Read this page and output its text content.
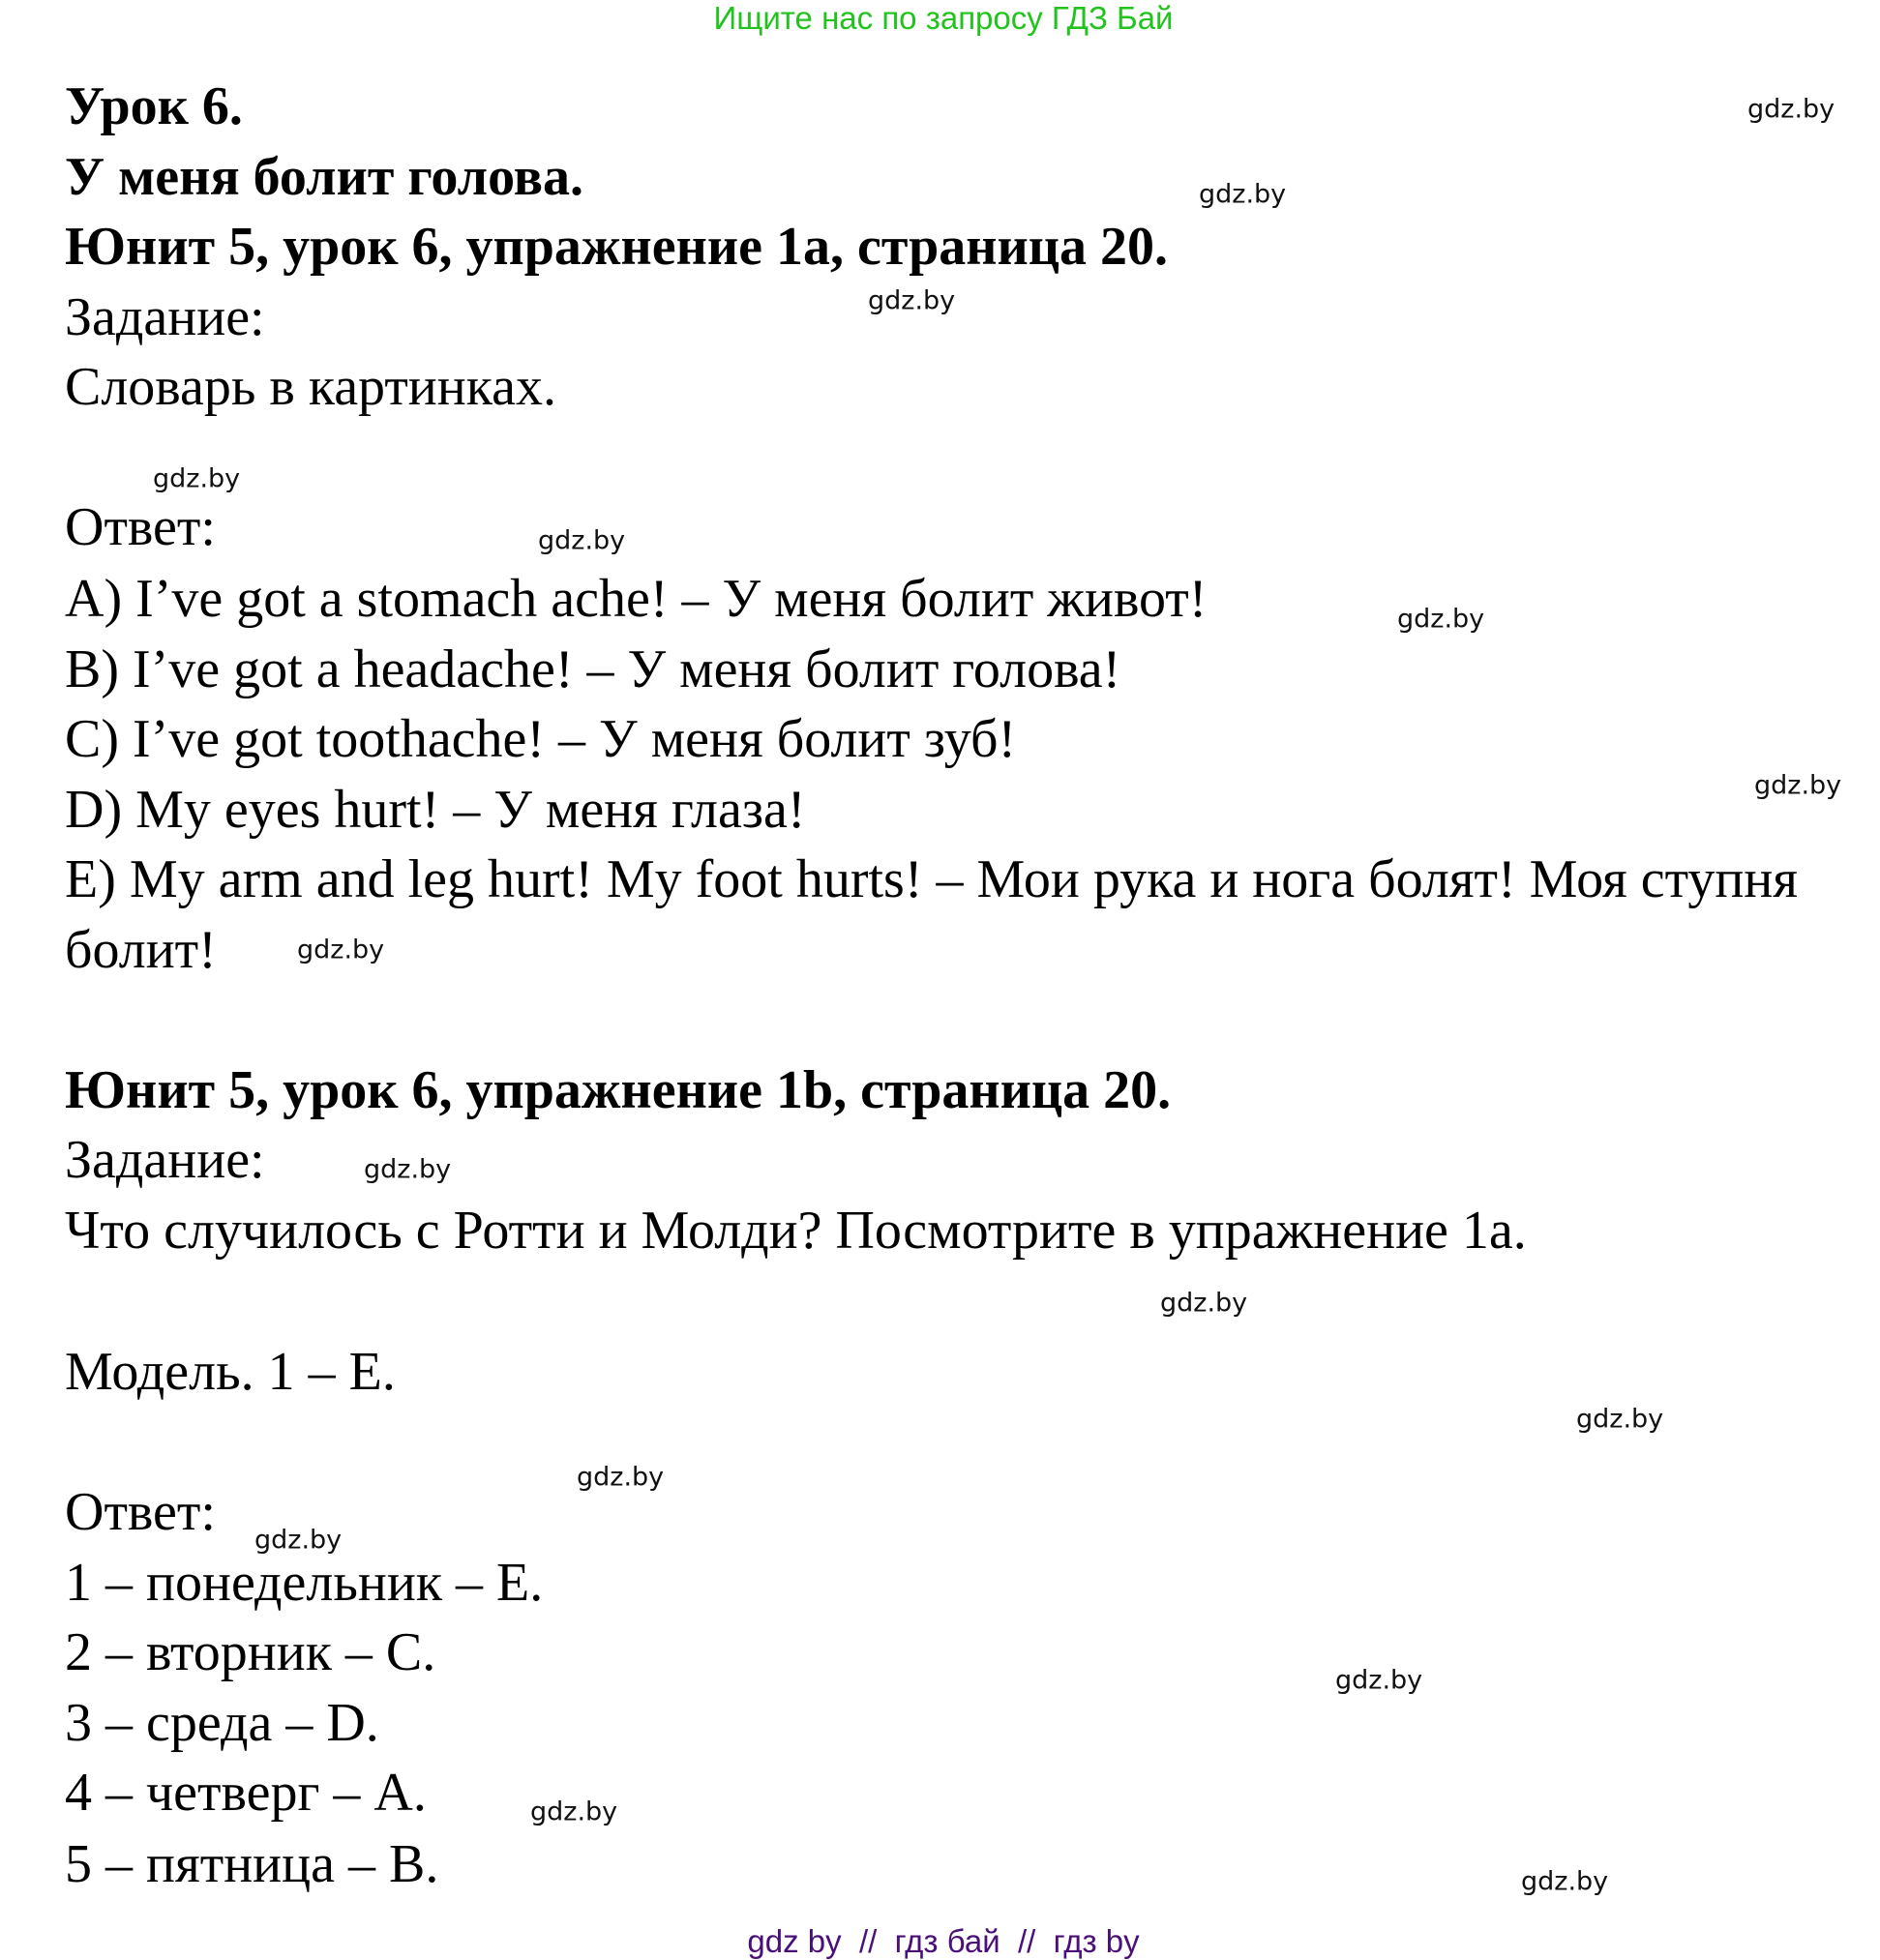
Ищите нас по запросу ГДЗ Бай
Урок 6.
У меня болит голова.
Юнит 5, урок 6, упражнение 1а, страница 20.
Задание:
Словарь в картинках.
Ответ:
A) I’ve got a stomach ache! – У меня болит живот!
B) I’ve got a headache! – У меня болит голова!
C) I’ve got toothache! – У меня болит зуб!
D) My eyes hurt! – У меня глаза!
E) My arm and leg hurt! My foot hurts! – Мои рука и нога болят! Моя ступня
болит!
Юнит 5, урок 6, упражнение 1b, страница 20.
Задание:
Что случилось с Ротти и Молди? Посмотрите в упражнение 1а.
Модель. 1 – E.
Ответ:
1 – понедельник – E.
2 – вторник – C.
3 – среда – D.
4 – четверг – A.
5 – пятница – B.
gdz.by
gdz.by
gdz.by
gdz.by
gdz.by
gdz.by
gdz.by
gdz.by
gdz.by
gdz.by
gdz.by
gdz.by
gdz.by
gdz.by
gdz.by
gdz.by
gdz by  //  гдз бай  //  гдз by
